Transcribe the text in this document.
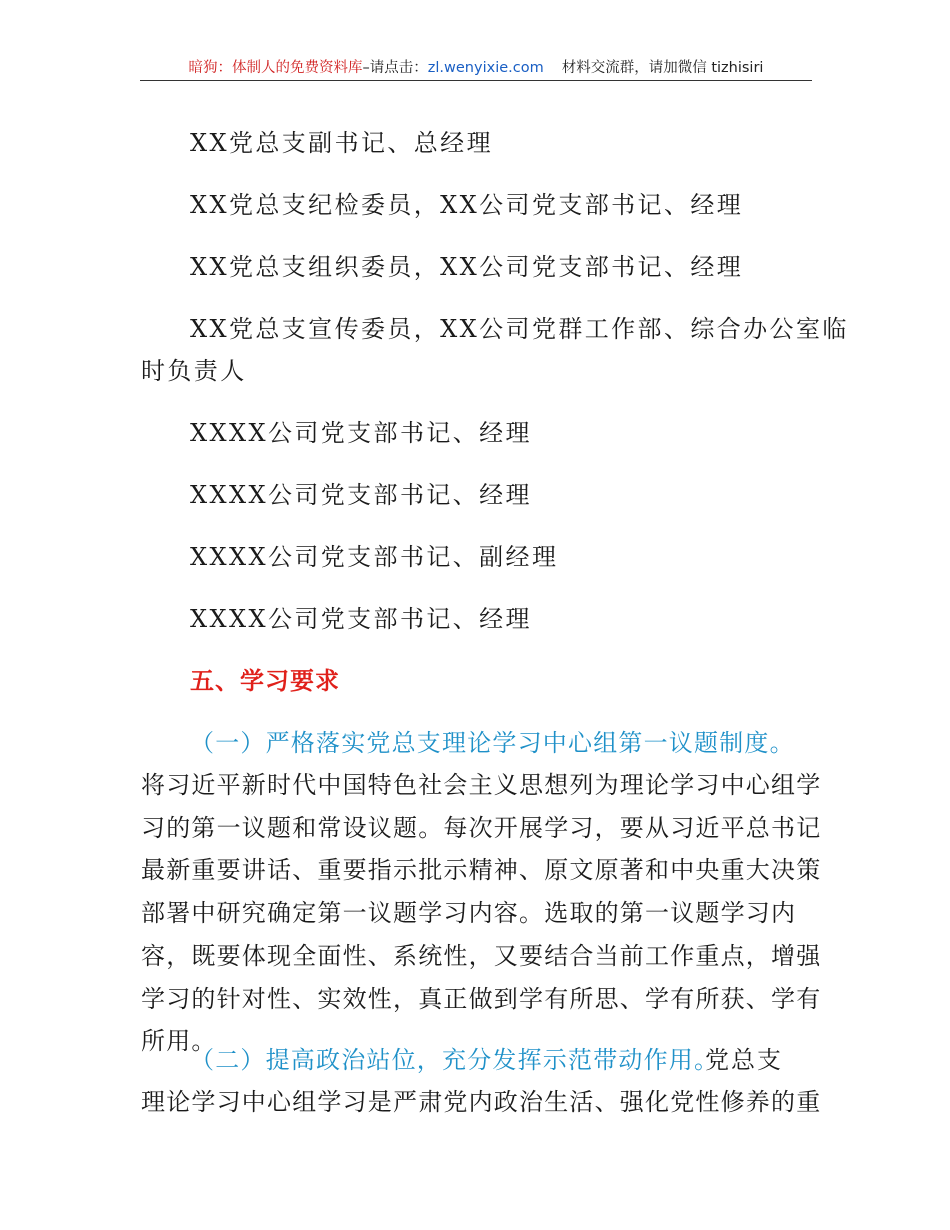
暗狗：体制人的免费资料库–请点击：zl.wenyixie.com 材料交流群，请加微信 tizhisiri
XX党总支副书记、总经理
XX党总支纪检委员，XX公司党支部书记、经理
XX党总支组织委员，XX公司党支部书记、经理
XX党总支宣传委员，XX公司党群工作部、综合办公室临
时负责人
XXXX公司党支部书记、经理
XXXX公司党支部书记、经理
XXXX公司党支部书记、副经理
XXXX公司党支部书记、经理
五、学习要求
（一）严格落实党总支理论学习中心组第一议题制度。
将习近平新时代中国特色社会主义思想列为理论学习中心组学习的第一议题和常设议题。每次开展学习，要从习近平总书记最新重要讲话、重要指示批示精神、原文原著和中央重大决策部署中研究确定第一议题学习内容。选取的第一议题学习内容，既要体现全面性、系统性，又要结合当前工作重点，增强学习的针对性、实效性，真正做到学有所思、学有所获、学有所用。
（二）提高政治站位，充分发挥示范带动作用。
党总支
理论学习中心组学习是严肃党内政治生活、强化党性修养的重
